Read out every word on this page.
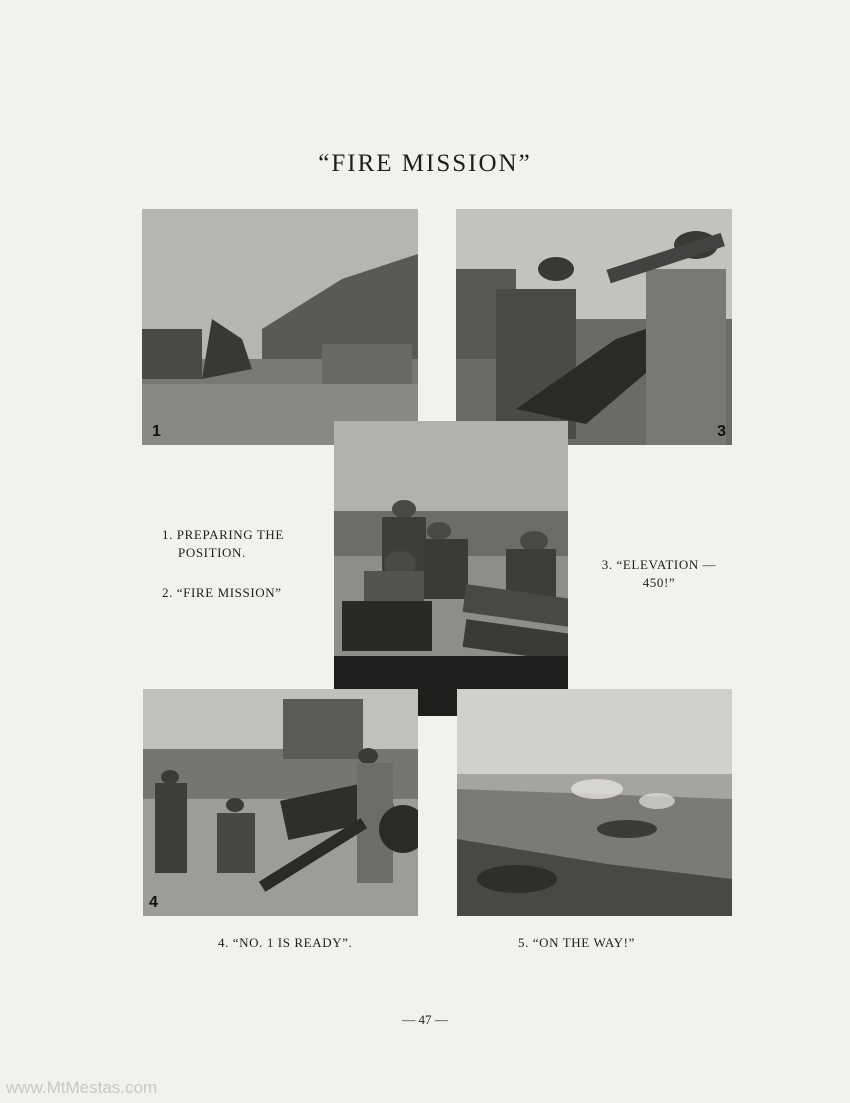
“FIRE MISSION”
1	3
4
1. PREPARING THE
POSITION.
2. “FIRE MISSION”
3. “ELEVATION —
450!”
4. “NO. 1 IS READY”.	5. “ON THE WAY!”
— 47 —
www.MtMestas.com
